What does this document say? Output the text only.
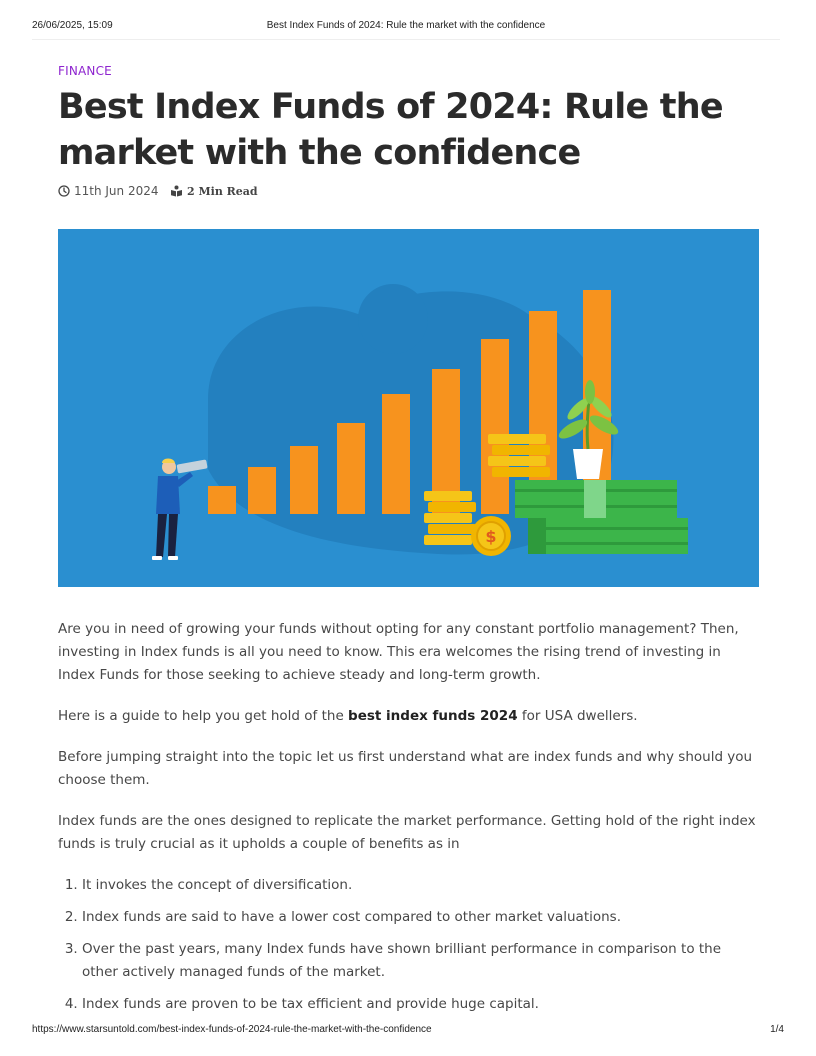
26/06/2025, 15:09	Best Index Funds of 2024: Rule the market with the confidence
FINANCE
Best Index Funds of 2024: Rule the market with the confidence
11th Jun 2024	2 Min Read
$

Are you in need of growing your funds without opting for any constant portfolio management? Then, investing in Index funds is all you need to know. This era welcomes the rising trend of investing in Index Funds for those seeking to achieve steady and long-term growth.

Here is a guide to help you get hold of the best index funds 2024 for USA dwellers.

Before jumping straight into the topic let us first understand what are index funds and why should you choose them.

Index funds are the ones designed to replicate the market performance. Getting hold of the right index funds is truly crucial as it upholds a couple of benefits as in

1. It invokes the concept of diversification.
2. Index funds are said to have a lower cost compared to other market valuations.
3. Over the past years, many Index funds have shown brilliant performance in comparison to the other actively managed funds of the market.
4. Index funds are proven to be tax efficient and provide huge capital.
https://www.starsuntold.com/best-index-funds-of-2024-rule-the-market-with-the-confidence	1/4
